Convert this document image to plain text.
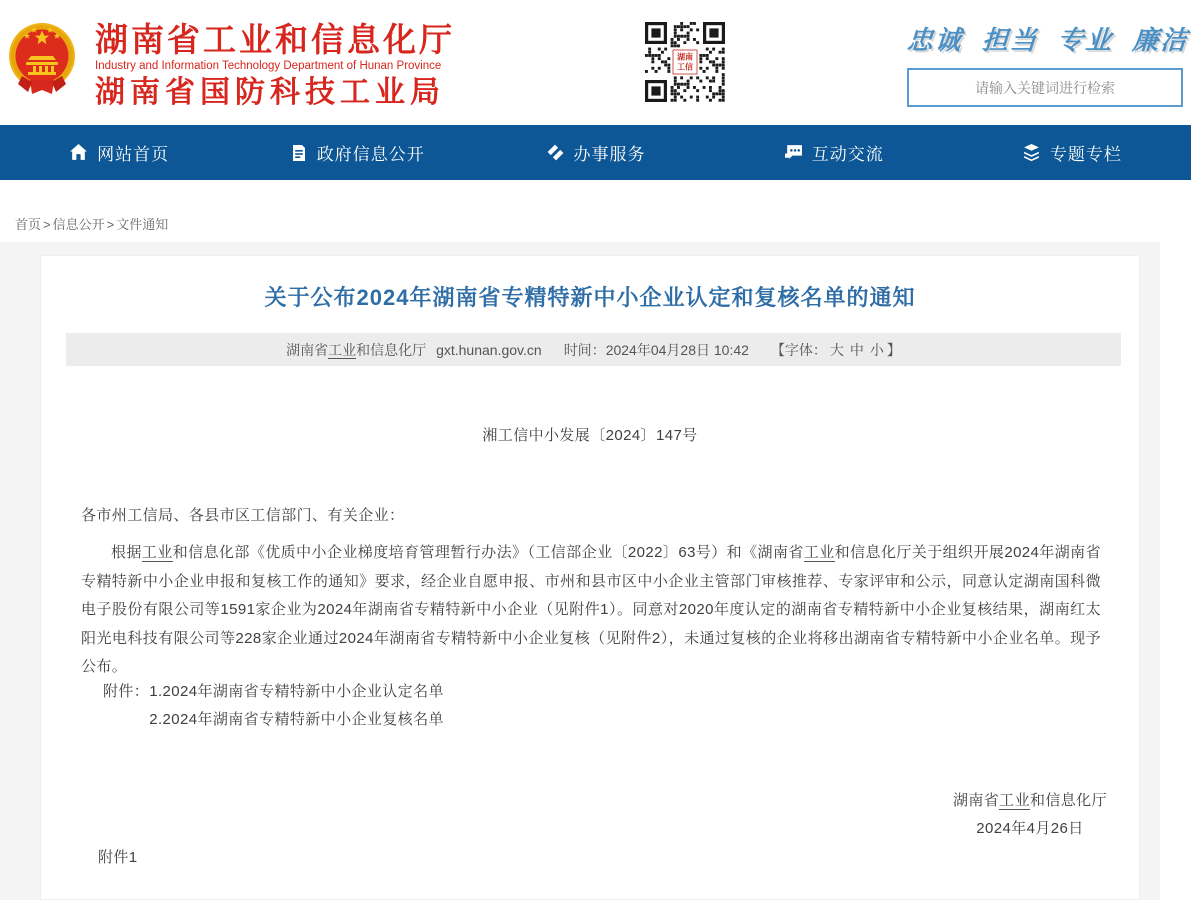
湖南省工业和信息化厅
Industry and Information Technology Department of Hunan Province
湖南省国防科技工业局
湖南
工信
忠诚 担当 专业 廉洁
请输入关键词进行检索
网站首页	政府信息公开	办事服务	互动交流	专题专栏
首页 > 信息公开 > 文件通知
关于公布2024年湖南省专精特新中小企业认定和复核名单的通知
湖南省工业和信息化厅 gxt.hunan.gov.cn 时间： 2024年04月28日 10:42 【字体： 大 中 小 】
湘工信中小发展〔2024〕147号
各市州工信局、各县市区工信部门、有关企业：
根据工业和信息化部《优质中小企业梯度培育管理暂行办法》（工信部企业〔2022〕63号）和《湖南省工业和信息化厅关于组织开展2024年湖南省专精特新中小企业申报和复核工作的通知》要求，经企业自愿申报、市州和县市区中小企业主管部门审核推荐、专家评审和公示，同意认定湖南国科微电子股份有限公司等1591家企业为2024年湖南省专精特新中小企业（见附件1）。同意对2020年度认定的湖南省专精特新中小企业复核结果，湖南红太阳光电科技有限公司等228家企业通过2024年湖南省专精特新中小企业复核（见附件2），未通过复核的企业将移出湖南省专精特新中小企业名单。现予公布。
附件： 1.2024年湖南省专精特新中小企业认定名单
2.2024年湖南省专精特新中小企业复核名单
湖南省工业和信息化厅
2024年4月26日
附件1
